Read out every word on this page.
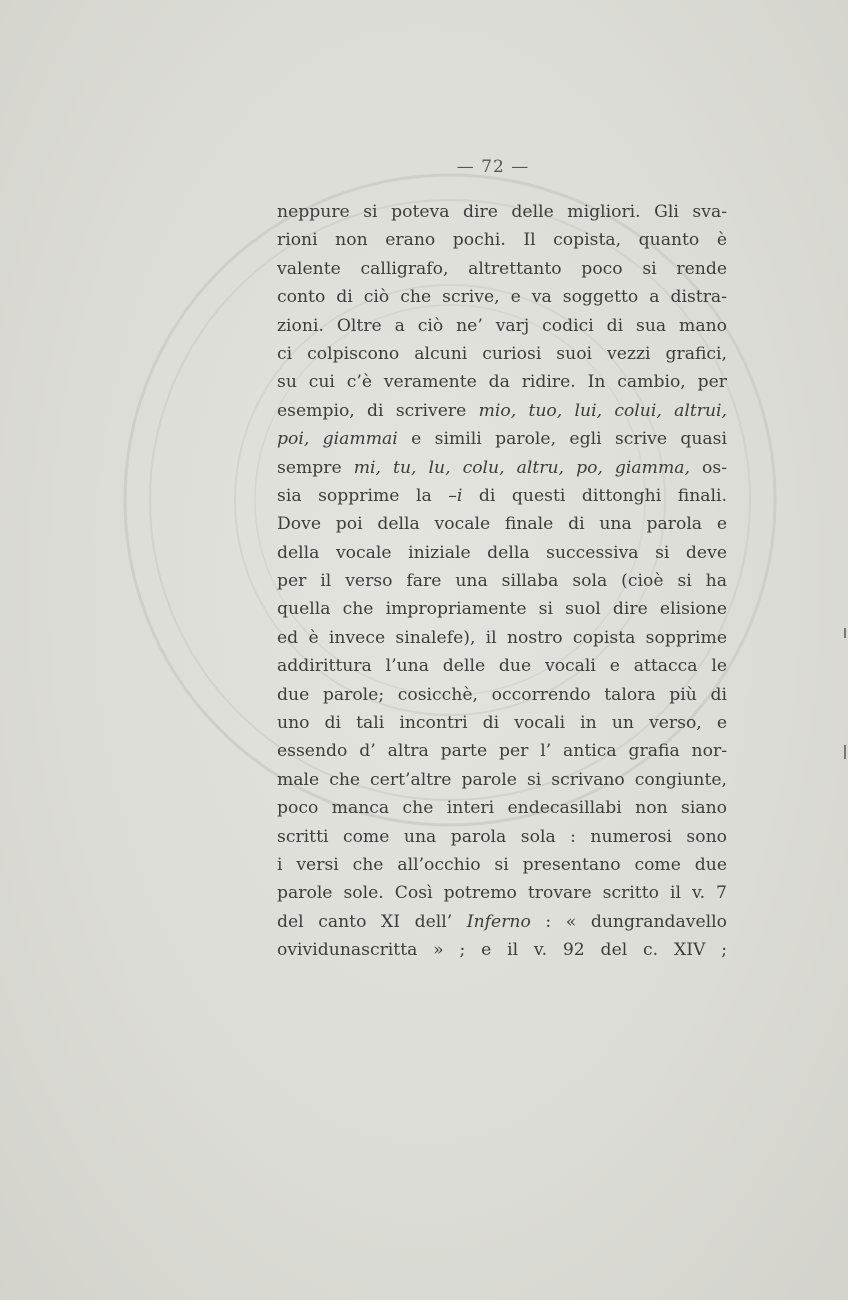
— 72 —
neppure si poteva dire delle migliori. Gli sva-
rioni non erano pochi. Il copista, quanto è
valente calligrafo, altrettanto poco si rende
conto di ciò che scrive, e va soggetto a distra-
zioni. Oltre a ciò ne’ varj codici di sua mano
ci colpiscono alcuni curiosi suoi vezzi grafici,
su cui c’è veramente da ridire. In cambio, per
esempio, di scrivere mio, tuo, lui, colui, altrui,
poi, giammai e simili parole, egli scrive quasi
sempre mi, tu, lu, colu, altru, po, giamma, os-
sia sopprime la –i di questi dittonghi finali.
Dove poi della vocale finale di una parola e
della vocale iniziale della successiva si deve
per il verso fare una sillaba sola (cioè si ha
quella che impropriamente si suol dire elisione
ed è invece sinalefe), il nostro copista sopprime
addirittura l’una delle due vocali e attacca le
due parole; cosicchè, occorrendo talora più di
uno di tali incontri di vocali in un verso, e
essendo d’ altra parte per l’ antica grafia nor-
male che cert’altre parole si scrivano congiunte,
poco manca che interi endecasillabi non siano
scritti come una parola sola : numerosi sono
i versi che all’occhio si presentano come due
parole sole. Così potremo trovare scritto il v. 7
del canto XI dell’ Inferno : « dungrandavello
ovividunascritta » ; e il v. 92 del c. XIV ;
